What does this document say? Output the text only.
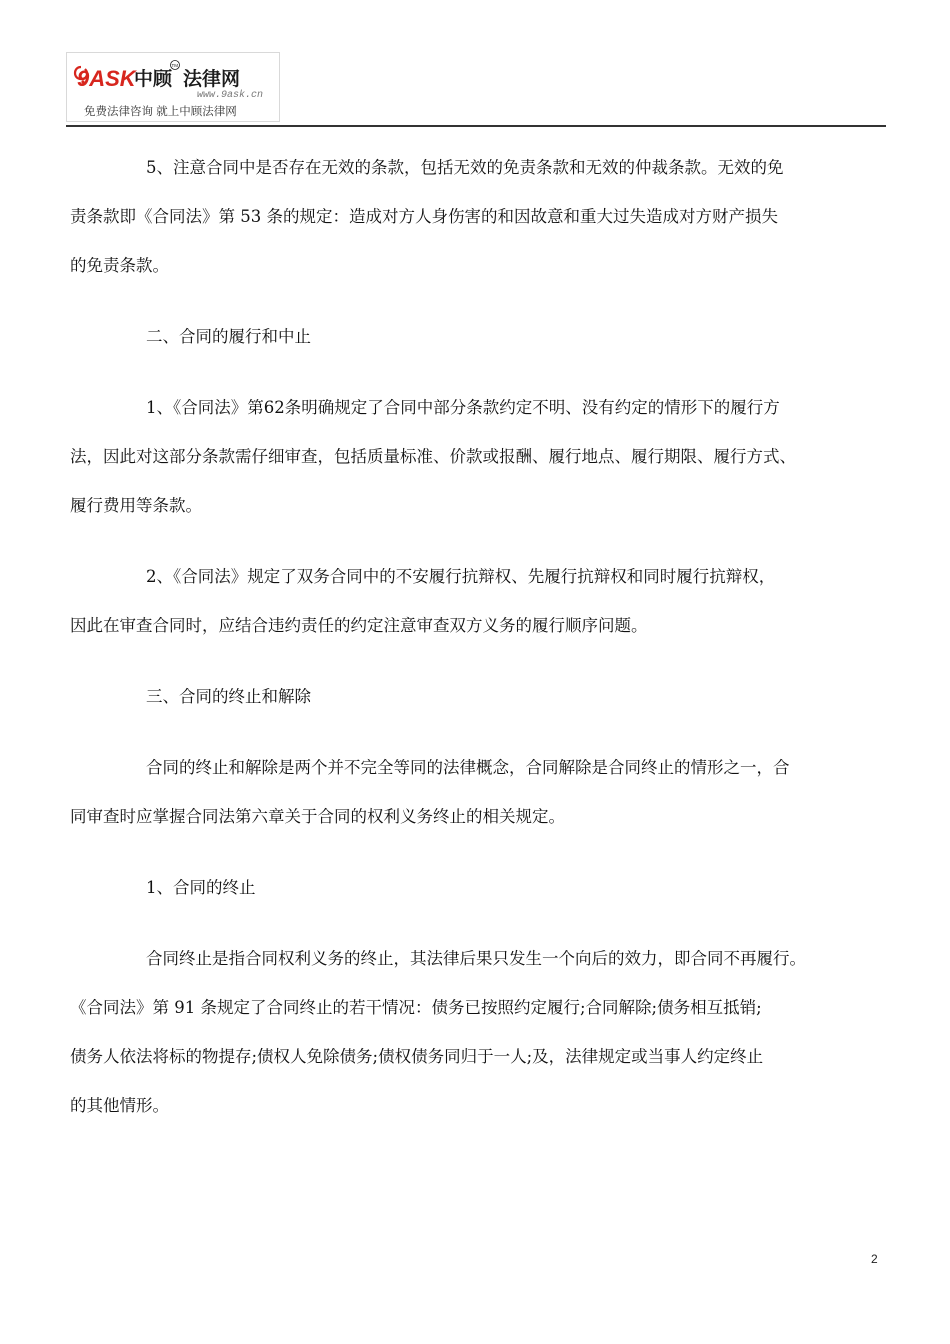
9ASK
中顾 法律网
TM
www.9ask.cn
免费法律咨询 就上中顾法律网
5、注意合同中是否存在无效的条款，包括无效的免责条款和无效的仲裁条款。无效的免
责条款即《合同法》第 53 条的规定：造成对方人身伤害的和因故意和重大过失造成对方财产损失
的免责条款。
二、合同的履行和中止
1、《合同法》第62条明确规定了合同中部分条款约定不明、没有约定的情形下的履行方
法，因此对这部分条款需仔细审查，包括质量标准、价款或报酬、履行地点、履行期限、履行方式、
履行费用等条款。
2、《合同法》规定了双务合同中的不安履行抗辩权、先履行抗辩权和同时履行抗辩权，
因此在审查合同时，应结合违约责任的约定注意审查双方义务的履行顺序问题。
三、合同的终止和解除
合同的终止和解除是两个并不完全等同的法律概念，合同解除是合同终止的情形之一，合
同审查时应掌握合同法第六章关于合同的权利义务终止的相关规定。
1、合同的终止
合同终止是指合同权利义务的终止，其法律后果只发生一个向后的效力，即合同不再履行。
《合同法》第 91 条规定了合同终止的若干情况：债务已按照约定履行;合同解除;债务相互抵销;
债务人依法将标的物提存;债权人免除债务;债权债务同归于一人;及，法律规定或当事人约定终止
的其他情形。
2
